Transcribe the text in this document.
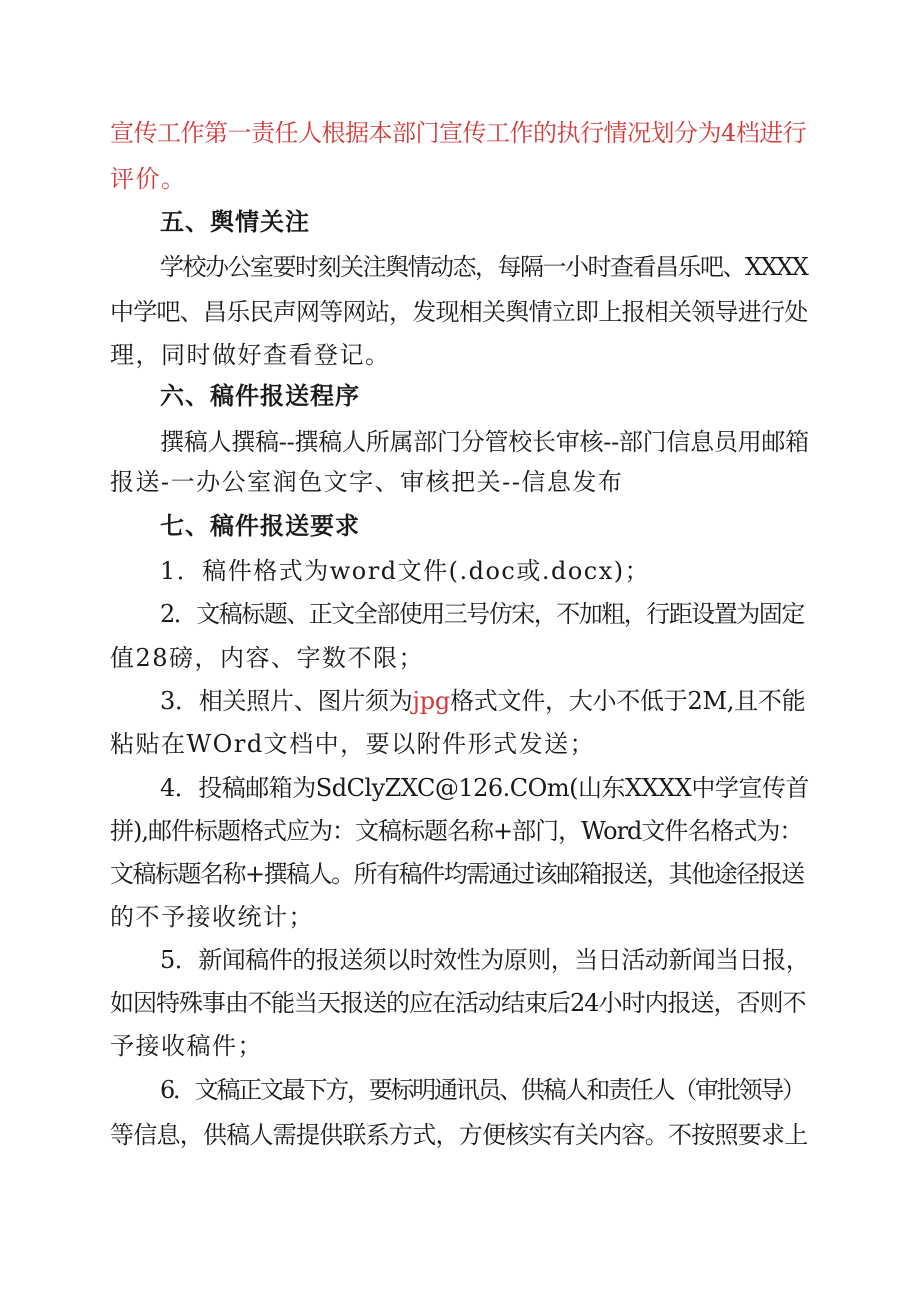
宣传工作第一责任人根据本部门宣传工作的执行情况划分为4档进行
评价。
五、舆情关注
学校办公室要时刻关注舆情动态，每隔一小时查看昌乐吧、XXXX
中学吧、昌乐民声网等网站，发现相关舆情立即上报相关领导进行处
理，同时做好查看登记。
六、稿件报送程序
撰稿人撰稿--撰稿人所属部门分管校长审核--部门信息员用邮箱
报送-一办公室润色文字、审核把关--信息发布
七、稿件报送要求
1．稿件格式为word文件(.doc或.docx)；
2．文稿标题、正文全部使用三号仿宋，不加粗，行距设置为固定
值28磅，内容、字数不限；
3．相关照片、图片须为jpg格式文件，大小不低于2M,且不能
粘贴在WOrd文档中，要以附件形式发送；
4．投稿邮箱为SdClyZXC@126.COm(山东XXXX中学宣传首
拼),邮件标题格式应为：文稿标题名称+部门，Word文件名格式为：
文稿标题名称+撰稿人。所有稿件均需通过该邮箱报送，其他途径报送
的不予接收统计；
5．新闻稿件的报送须以时效性为原则，当日活动新闻当日报，
如因特殊事由不能当天报送的应在活动结束后24小时内报送，否则不
予接收稿件；
6．文稿正文最下方，要标明通讯员、供稿人和责任人（审批领导）
等信息，供稿人需提供联系方式，方便核实有关内容。不按照要求上
